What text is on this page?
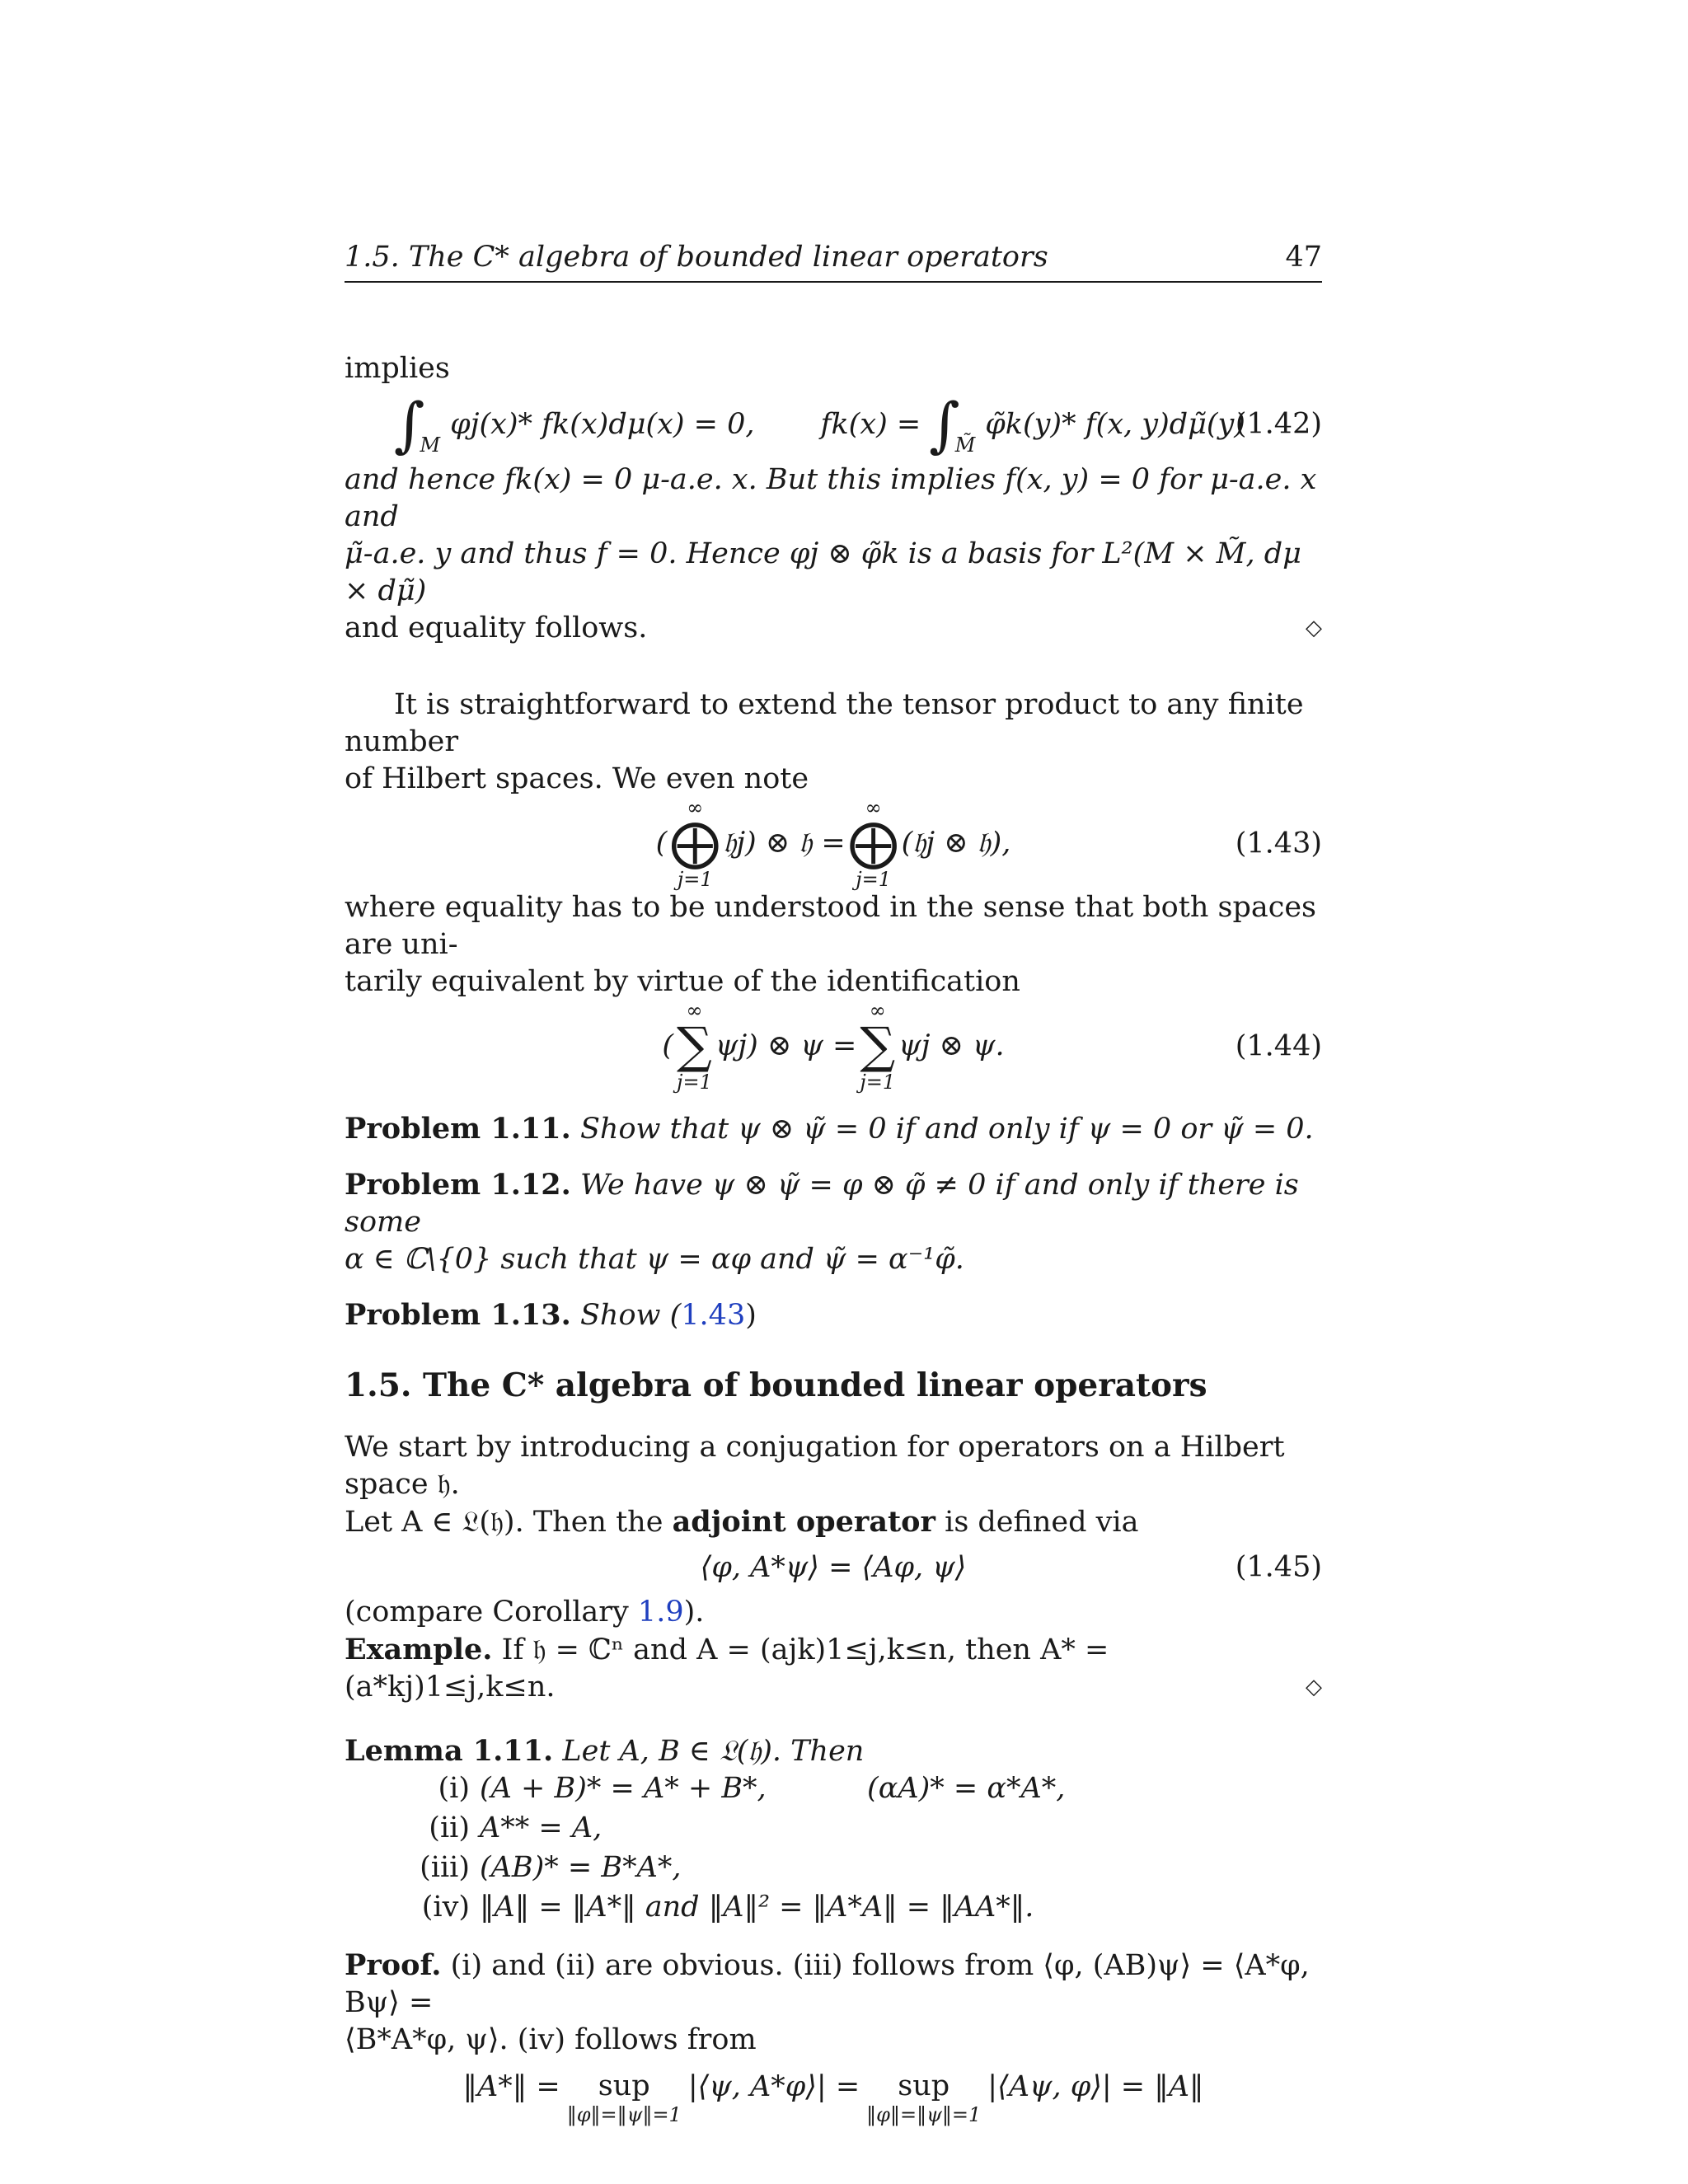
1.5. The C* algebra of bounded linear operators	47

implies

∫
M
φj(x)* fk(x)dμ(x) = 0, fk(x) = ∫
M̃
φ̃k(y)* f(x, y)dμ̃(y)
(1.42)

and hence fk(x) = 0 μ-a.e. x. But this implies f(x, y) = 0 for μ-a.e. x and

μ̃-a.e. y and thus f = 0. Hence φj ⊗ φ̃k is a basis for L²(M × M̃, dμ × dμ̃)

and equality follows.	◇

It is straightforward to extend the tensor product to any finite number

of Hilbert spaces. We even note

(
∞
⨁
j=1
𝔥j) ⊗ 𝔥 =
∞
⨁
j=1
(𝔥j ⊗ 𝔥),	(1.43)

where equality has to be understood in the sense that both spaces are uni-

tarily equivalent by virtue of the identification

(
∞
∑
j=1
ψj) ⊗ ψ =
∞
∑
j=1
ψj ⊗ ψ.	(1.44)

Problem 1.11. Show that ψ ⊗ ψ̃ = 0 if and only if ψ = 0 or ψ̃ = 0.

Problem 1.12. We have ψ ⊗ ψ̃ = φ ⊗ φ̃ ≠ 0 if and only if there is some

α ∈ ℂ\{0} such that ψ = αφ and ψ̃ = α⁻¹φ̃.

Problem 1.13. Show (1.43)

1.5. The C* algebra of bounded linear operators

We start by introducing a conjugation for operators on a Hilbert space 𝔥.

Let A ∈ 𝔏(𝔥). Then the adjoint operator is defined via

⟨φ, A*ψ⟩ = ⟨Aφ, ψ⟩	(1.45)

(compare Corollary 1.9).

Example. If 𝔥 = ℂⁿ and A = (ajk)1≤j,k≤n, then A* = (a*kj)1≤j,k≤n.	◇

Lemma 1.11. Let A, B ∈ 𝔏(𝔥). Then

(i) (A + B)* = A* + B*,           (αA)* = α*A*,
(ii) A** = A,
(iii) (AB)* = B*A*,
(iv) ‖A‖ = ‖A*‖ and ‖A‖² = ‖A*A‖ = ‖AA*‖.

Proof. (i) and (ii) are obvious. (iii) follows from ⟨φ, (AB)ψ⟩ = ⟨A*φ, Bψ⟩ =

⟨B*A*φ, ψ⟩. (iv) follows from

‖A*‖ = sup
‖φ‖=‖ψ‖=1
|⟨ψ, A*φ⟩| = sup
‖φ‖=‖ψ‖=1
|⟨Aψ, φ⟩| = ‖A‖
